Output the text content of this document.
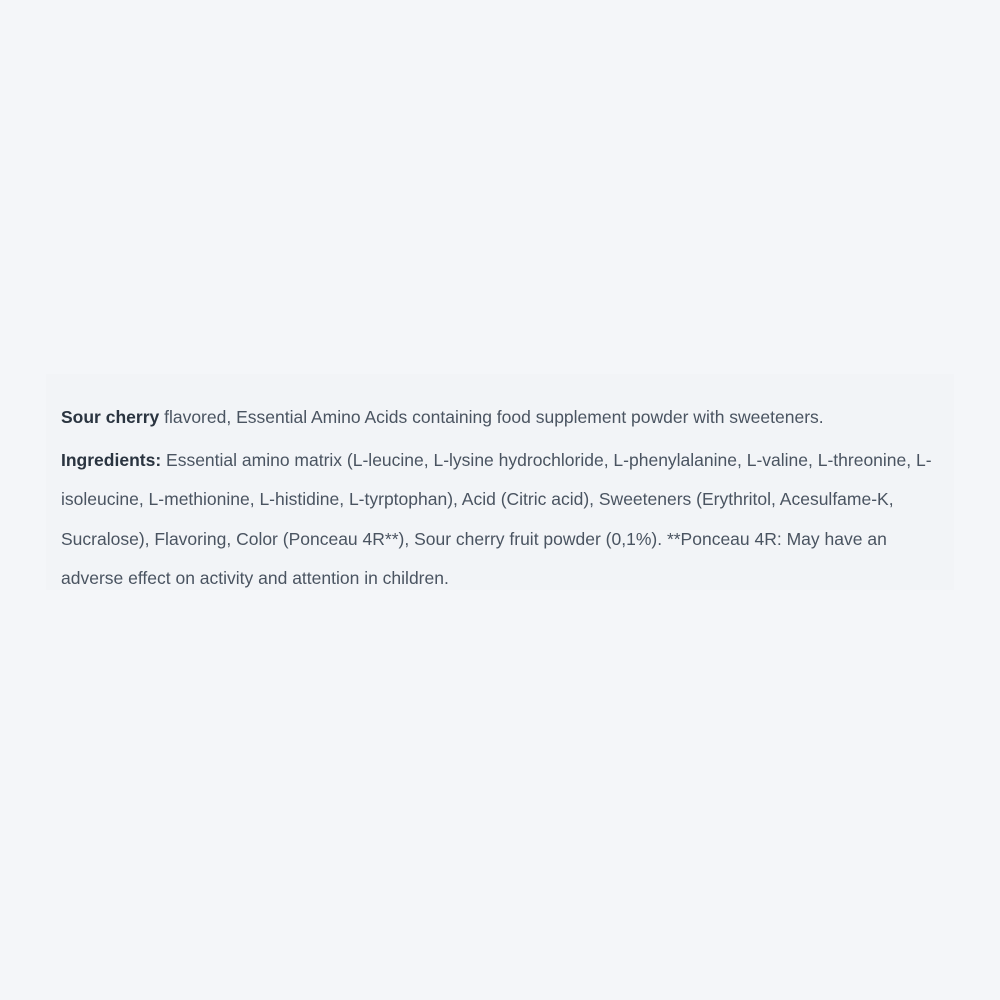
Sour cherry flavored, Essential Amino Acids containing food supplement powder with sweeteners.

Ingredients: Essential amino matrix (L-leucine, L-lysine hydrochloride, L-phenylalanine, L-valine, L-threonine, L-isoleucine, L-methionine, L-histidine, L-tyrptophan), Acid (Citric acid), Sweeteners (Erythritol, Acesulfame-K, Sucralose), Flavoring, Color (Ponceau 4R**), Sour cherry fruit powder (0,1%). **Ponceau 4R: May have an adverse effect on activity and attention in children.
